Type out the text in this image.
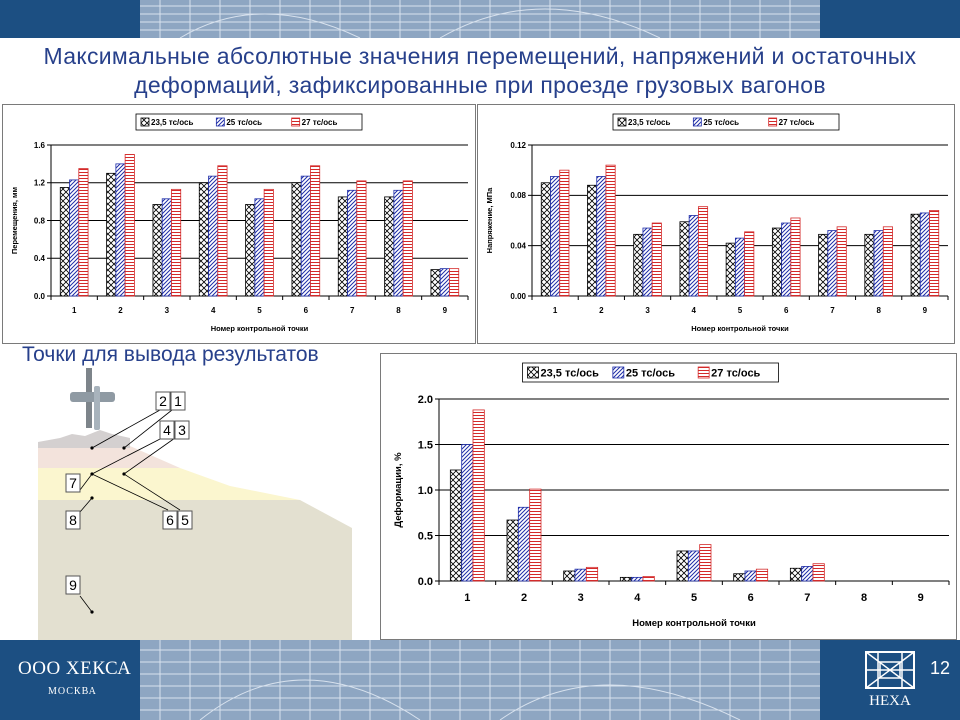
Максимальные абсолютные значения перемещений, напряжений и остаточных
деформаций, зафиксированные при проезде грузовых вагонов
0.0
0.4
0.8
1.2
1.6
1	2	3	4	5	6	7	8	9
Номер контрольной точки
Перемещения, мм
23,5 тс/ось	25 тс/ось	27 тс/ось
0.00
0.04
0.08
0.12
1	2	3	4	5	6	7	8	9
Номер контрольной точки
Напряжение, МПа
23,5 тс/ось	25 тс/ось	27 тс/ось
0.0
0.5
1.0
1.5
2.0
1	2	3	4	5	6	7	8	9
Номер контрольной точки
Деформации, %
23,5 тс/ось 25 тс/ось	27 тс/ось
Точки для вывода результатов
2 1
4 3
7
8	6 5
9
ООО ХЕКСА
МОСКВА
HEXA
12
